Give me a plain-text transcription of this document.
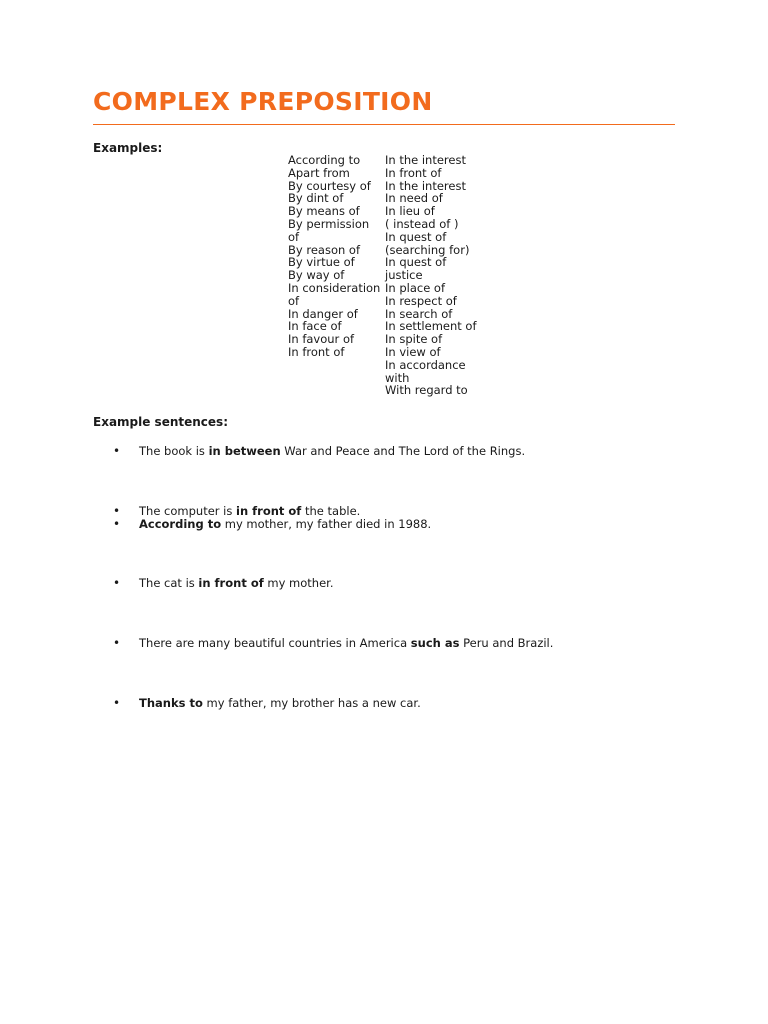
COMPLEX PREPOSITION

Examples:

According to
Apart from
By courtesy of
By dint of
By means of
By permission
of
By reason of
By virtue of
By way of
In consideration
of
In danger of
In face of
In favour of
In front of
In the interest
In front of
In the interest
In need of
In lieu of
( instead of )
In quest of
(searching for)
In quest of
justice
In place of
In respect of
In search of
In settlement of
In spite of
In view of
In accordance
with
With regard to

Example sentences:

• The book is in between War and Peace and The Lord of the Rings.
• The computer is in front of the table.
• According to my mother, my father died in 1988.
• The cat is in front of my mother.
• There are many beautiful countries in America such as Peru and Brazil.
• Thanks to my father, my brother has a new car.
